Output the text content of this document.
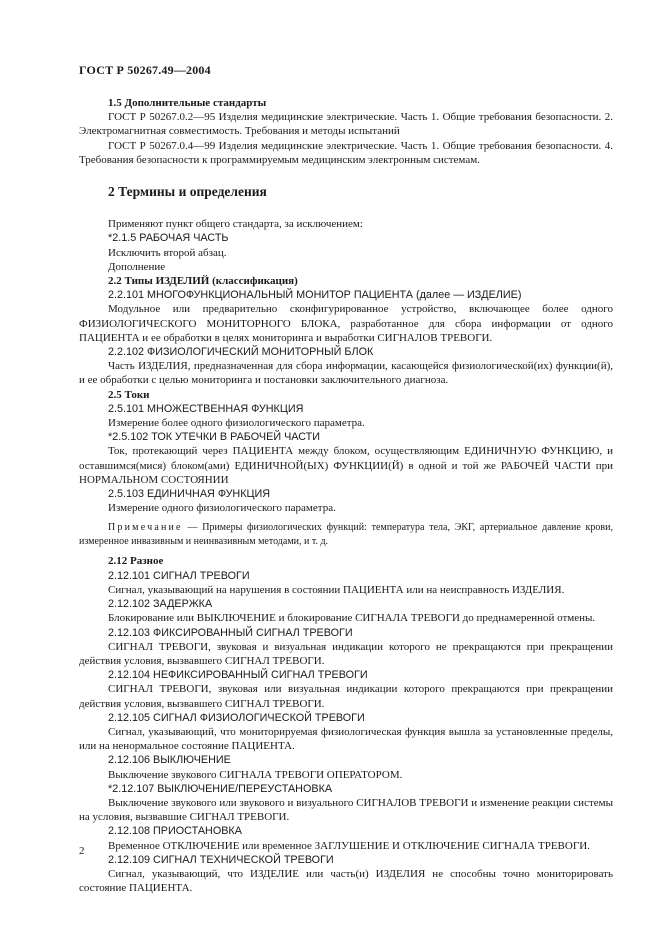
ГОСТ Р 50267.49—2004

1.5 Дополнительные стандарты

ГОСТ Р 50267.0.2—95 Изделия медицинские электрические. Часть 1. Общие требования безопасности. 2. Электромагнитная совместимость. Требования и методы испытаний

ГОСТ Р 50267.0.4—99 Изделия медицинские электрические. Часть 1. Общие требования безопасности. 4. Требования безопасности к программируемым медицинским электронным системам.

2 Термины и определения

Применяют пункт общего стандарта, за исключением:

*2.1.5 РАБОЧАЯ ЧАСТЬ

Исключить второй абзац.

Дополнение

2.2 Типы ИЗДЕЛИЙ (классификация)

2.2.101 МНОГОФУНКЦИОНАЛЬНЫЙ МОНИТОР ПАЦИЕНТА (далее — ИЗДЕЛИЕ)

Модульное или предварительно сконфигурированное устройство, включающее более одного ФИЗИОЛОГИЧЕСКОГО МОНИТОРНОГО БЛОКА, разработанное для сбора информации от одного ПАЦИЕНТА и ее обработки в целях мониторинга и выработки СИГНАЛОВ ТРЕВОГИ.

2.2.102 ФИЗИОЛОГИЧЕСКИЙ МОНИТОРНЫЙ БЛОК

Часть ИЗДЕЛИЯ, предназначенная для сбора информации, касающейся физиологической(их) функции(й), и ее обработки с целью мониторинга и постановки заключительного диагноза.

2.5 Токи

2.5.101 МНОЖЕСТВЕННАЯ ФУНКЦИЯ

Измерение более одного физиологического параметра.

*2.5.102 ТОК УТЕЧКИ В РАБОЧЕЙ ЧАСТИ

Ток, протекающий через ПАЦИЕНТА между блоком, осуществляющим ЕДИНИЧНУЮ ФУНКЦИЮ, и оставшимся(мися) блоком(ами) ЕДИНИЧНОЙ(ЫХ) ФУНКЦИИ(Й) в одной и той же РАБОЧЕЙ ЧАСТИ при НОРМАЛЬНОМ СОСТОЯНИИ

2.5.103 ЕДИНИЧНАЯ ФУНКЦИЯ

Измерение одного физиологического параметра.

Примечание — Примеры физиологических функций: температура тела, ЭКГ, артериальное давление крови, измеренное инвазивным и неинвазивным методами, и т. д.

2.12 Разное

2.12.101 СИГНАЛ ТРЕВОГИ

Сигнал, указывающий на нарушения в состоянии ПАЦИЕНТА или на неисправность ИЗДЕЛИЯ.

2.12.102 ЗАДЕРЖКА

Блокирование или ВЫКЛЮЧЕНИЕ и блокирование СИГНАЛА ТРЕВОГИ до преднамеренной отмены.

2.12.103 ФИКСИРОВАННЫЙ СИГНАЛ ТРЕВОГИ

СИГНАЛ ТРЕВОГИ, звуковая и визуальная индикации которого не прекращаются при прекращении действия условия, вызвавшего СИГНАЛ ТРЕВОГИ.

2.12.104 НЕФИКСИРОВАННЫЙ СИГНАЛ ТРЕВОГИ

СИГНАЛ ТРЕВОГИ, звуковая или визуальная индикации которого прекращаются при прекращении действия условия, вызвавшего СИГНАЛ ТРЕВОГИ.

2.12.105 СИГНАЛ ФИЗИОЛОГИЧЕСКОЙ ТРЕВОГИ

Сигнал, указывающий, что мониторируемая физиологическая функция вышла за установленные пределы, или на ненормальное состояние ПАЦИЕНТА.

2.12.106 ВЫКЛЮЧЕНИЕ

Выключение звукового СИГНАЛА ТРЕВОГИ ОПЕРАТОРОМ.

*2.12.107 ВЫКЛЮЧЕНИЕ/ПЕРЕУСТАНОВКА

Выключение звукового или звукового и визуального СИГНАЛОВ ТРЕВОГИ и изменение реакции системы на условия, вызвавшие СИГНАЛ ТРЕВОГИ.

2.12.108 ПРИОСТАНОВКА

Временное ОТКЛЮЧЕНИЕ или временное ЗАГЛУШЕНИЕ И ОТКЛЮЧЕНИЕ СИГНАЛА ТРЕВОГИ.

2.12.109 СИГНАЛ ТЕХНИЧЕСКОЙ ТРЕВОГИ

Сигнал, указывающий, что ИЗДЕЛИЕ или часть(и) ИЗДЕЛИЯ не способны точно мониторировать состояние ПАЦИЕНТА.

2
